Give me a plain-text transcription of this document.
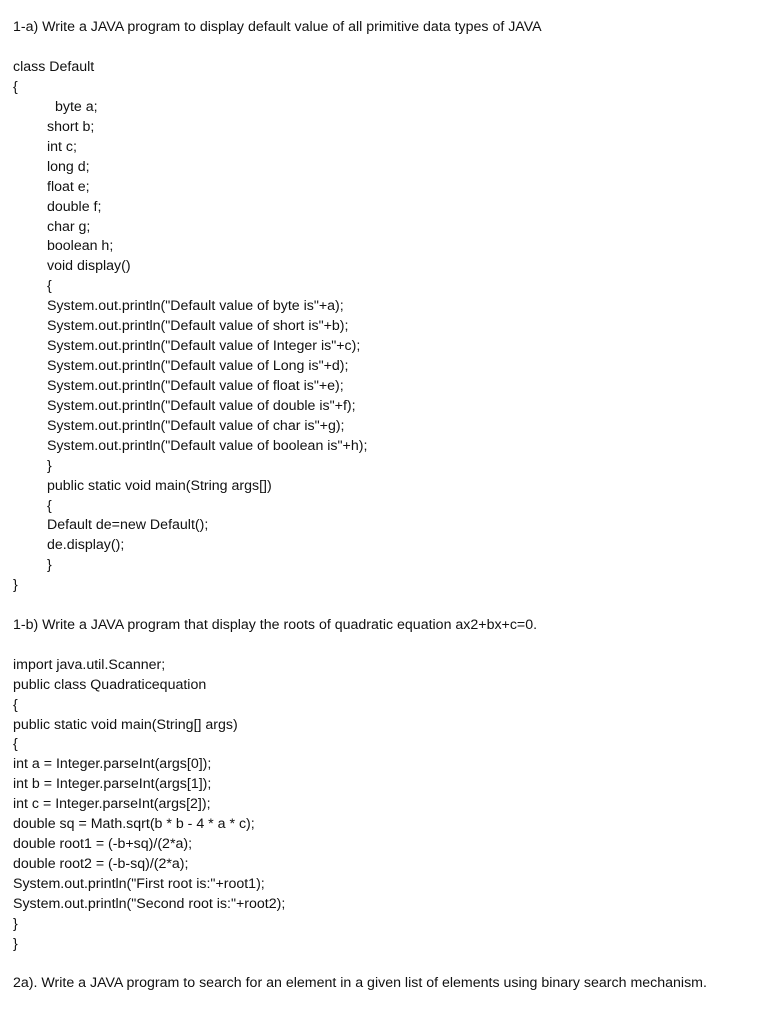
1-a) Write a JAVA program to display default value of all primitive data types of JAVA
class Default
{
byte a;
short b;
int c;
long d;
float e;
double f;
char g;
boolean h;
void display()
{
System.out.println("Default value of byte is"+a);
System.out.println("Default value of short is"+b);
System.out.println("Default value of Integer is"+c);
System.out.println("Default value of Long is"+d);
System.out.println("Default value of float is"+e);
System.out.println("Default value of double is"+f);
System.out.println("Default value of char is"+g);
System.out.println("Default value of boolean is"+h);
}
public static void main(String args[])
{
Default de=new Default();
de.display();
}
}
1-b) Write a JAVA program that display the roots of quadratic equation ax2+bx+c=0.
import java.util.Scanner;
public class Quadraticequation
{
public static void main(String[] args)
{
int a = Integer.parseInt(args[0]);
int b = Integer.parseInt(args[1]);
int c = Integer.parseInt(args[2]);
double sq = Math.sqrt(b * b - 4 * a * c);
double root1 = (-b+sq)/(2*a);
double root2 = (-b-sq)/(2*a);
System.out.println("First root is:"+root1);
System.out.println("Second root is:"+root2);
}
}
2a). Write a JAVA program to search for an element in a given list of elements using binary search mechanism.
